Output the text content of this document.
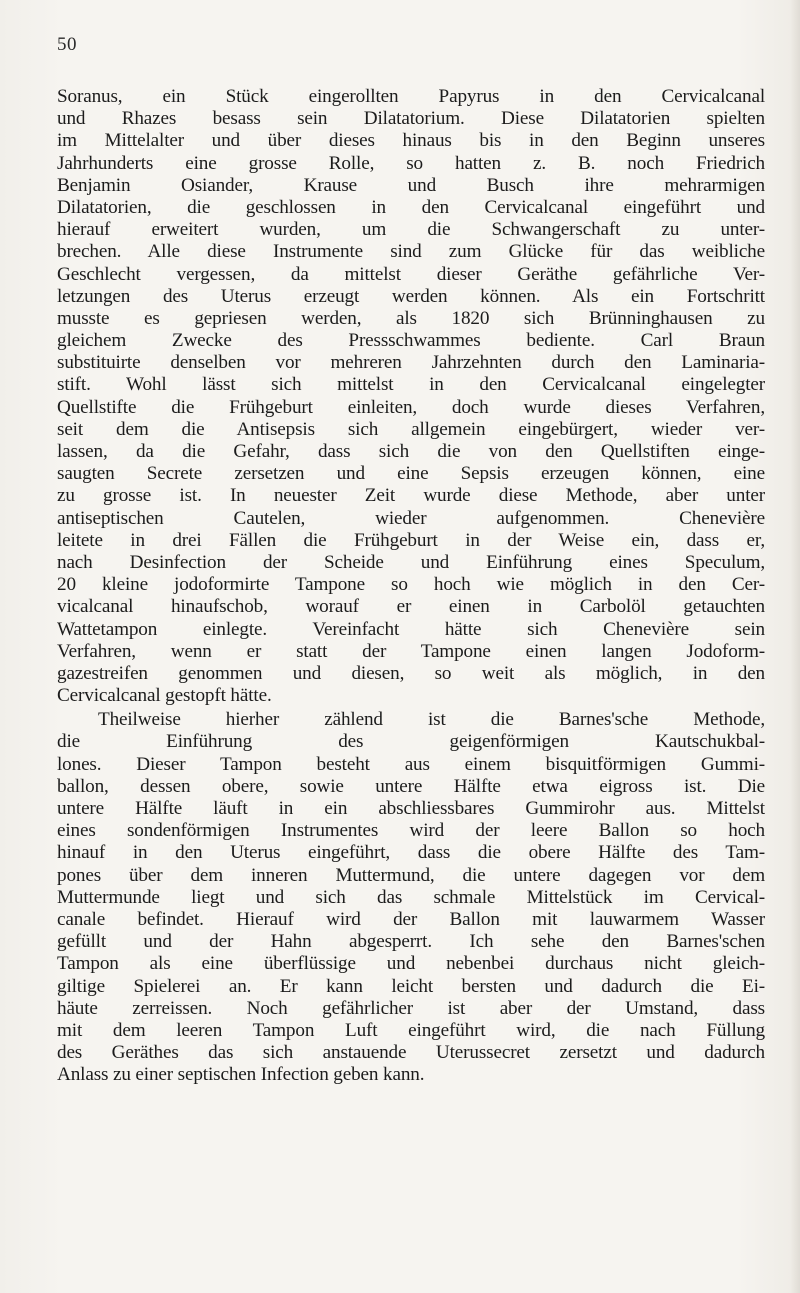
50
Soranus, ein Stück eingerollten Papyrus in den Cervicalcanal
und Rhazes besass sein Dilatatorium. Diese Dilatatorien spielten
im Mittelalter und über dieses hinaus bis in den Beginn unseres
Jahrhunderts eine grosse Rolle, so hatten z. B. noch Friedrich
Benjamin Osiander, Krause und Busch ihre mehrarmigen
Dilatatorien, die geschlossen in den Cervicalcanal eingeführt und
hierauf erweitert wurden, um die Schwangerschaft zu unter-
brechen. Alle diese Instrumente sind zum Glücke für das weibliche
Geschlecht vergessen, da mittelst dieser Geräthe gefährliche Ver-
letzungen des Uterus erzeugt werden können. Als ein Fortschritt
musste es gepriesen werden, als 1820 sich Brünninghausen zu
gleichem Zwecke des Pressschwammes bediente. Carl Braun
substituirte denselben vor mehreren Jahrzehnten durch den Laminaria-
stift. Wohl lässt sich mittelst in den Cervicalcanal eingelegter
Quellstifte die Frühgeburt einleiten, doch wurde dieses Verfahren,
seit dem die Antisepsis sich allgemein eingebürgert, wieder ver-
lassen, da die Gefahr, dass sich die von den Quellstiften einge-
saugten Secrete zersetzen und eine Sepsis erzeugen können, eine
zu grosse ist. In neuester Zeit wurde diese Methode, aber unter
antiseptischen Cautelen, wieder aufgenommen. Chenevière
leitete in drei Fällen die Frühgeburt in der Weise ein, dass er,
nach Desinfection der Scheide und Einführung eines Speculum,
20 kleine jodoformirte Tampone so hoch wie möglich in den Cer-
vicalcanal hinaufschob, worauf er einen in Carbolöl getauchten
Wattetampon einlegte. Vereinfacht hätte sich Chenevière sein
Verfahren, wenn er statt der Tampone einen langen Jodoform-
gazestreifen genommen und diesen, so weit als möglich, in den
Cervicalcanal gestopft hätte.
Theilweise hierher zählend ist die Barnes'sche Methode,
die Einführung des geigenförmigen Kautschukbal-
lones. Dieser Tampon besteht aus einem bisquitförmigen Gummi-
ballon, dessen obere, sowie untere Hälfte etwa eigross ist. Die
untere Hälfte läuft in ein abschliessbares Gummirohr aus. Mittelst
eines sondenförmigen Instrumentes wird der leere Ballon so hoch
hinauf in den Uterus eingeführt, dass die obere Hälfte des Tam-
pones über dem inneren Muttermund, die untere dagegen vor dem
Muttermunde liegt und sich das schmale Mittelstück im Cervical-
canale befindet. Hierauf wird der Ballon mit lauwarmem Wasser
gefüllt und der Hahn abgesperrt. Ich sehe den Barnes'schen
Tampon als eine überflüssige und nebenbei durchaus nicht gleich-
giltige Spielerei an. Er kann leicht bersten und dadurch die Ei-
häute zerreissen. Noch gefährlicher ist aber der Umstand, dass
mit dem leeren Tampon Luft eingeführt wird, die nach Füllung
des Geräthes das sich anstauende Uterussecret zersetzt und dadurch
Anlass zu einer septischen Infection geben kann.
